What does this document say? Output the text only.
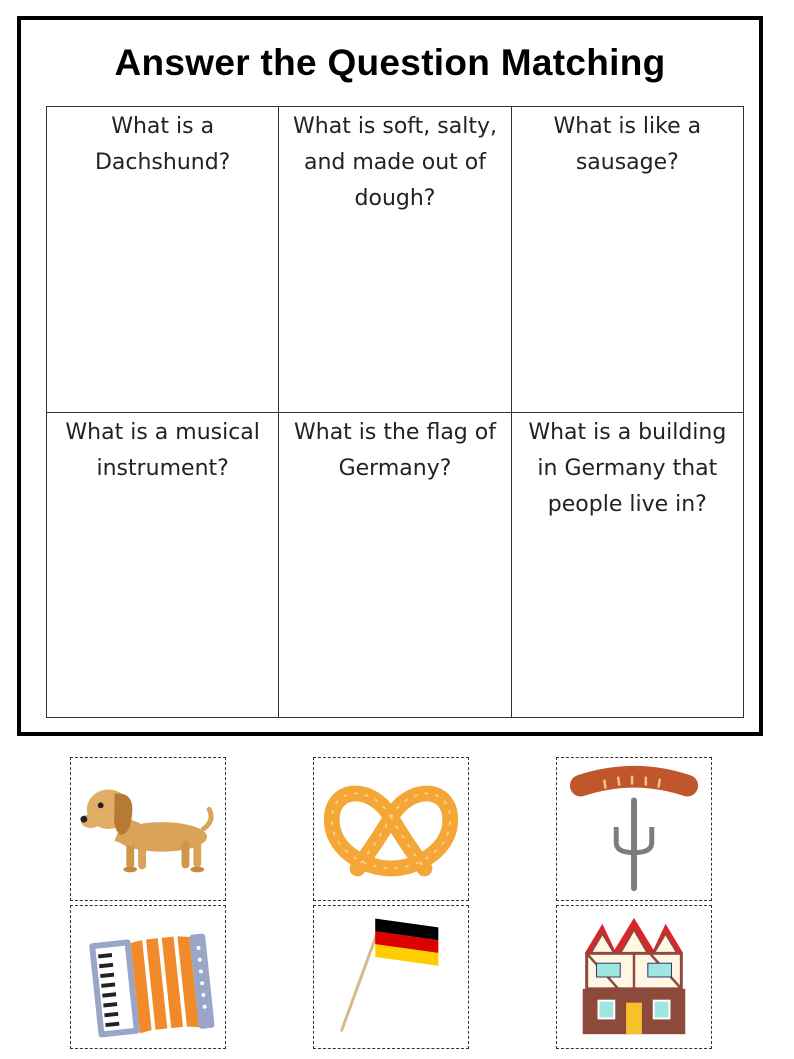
Answer the Question Matching
What is a Dachshund?	What is soft, salty, and made out of dough?	What is like a sausage?
What is a musical instrument?	What is the flag of Germany?	What is a building in Germany that people live in?
